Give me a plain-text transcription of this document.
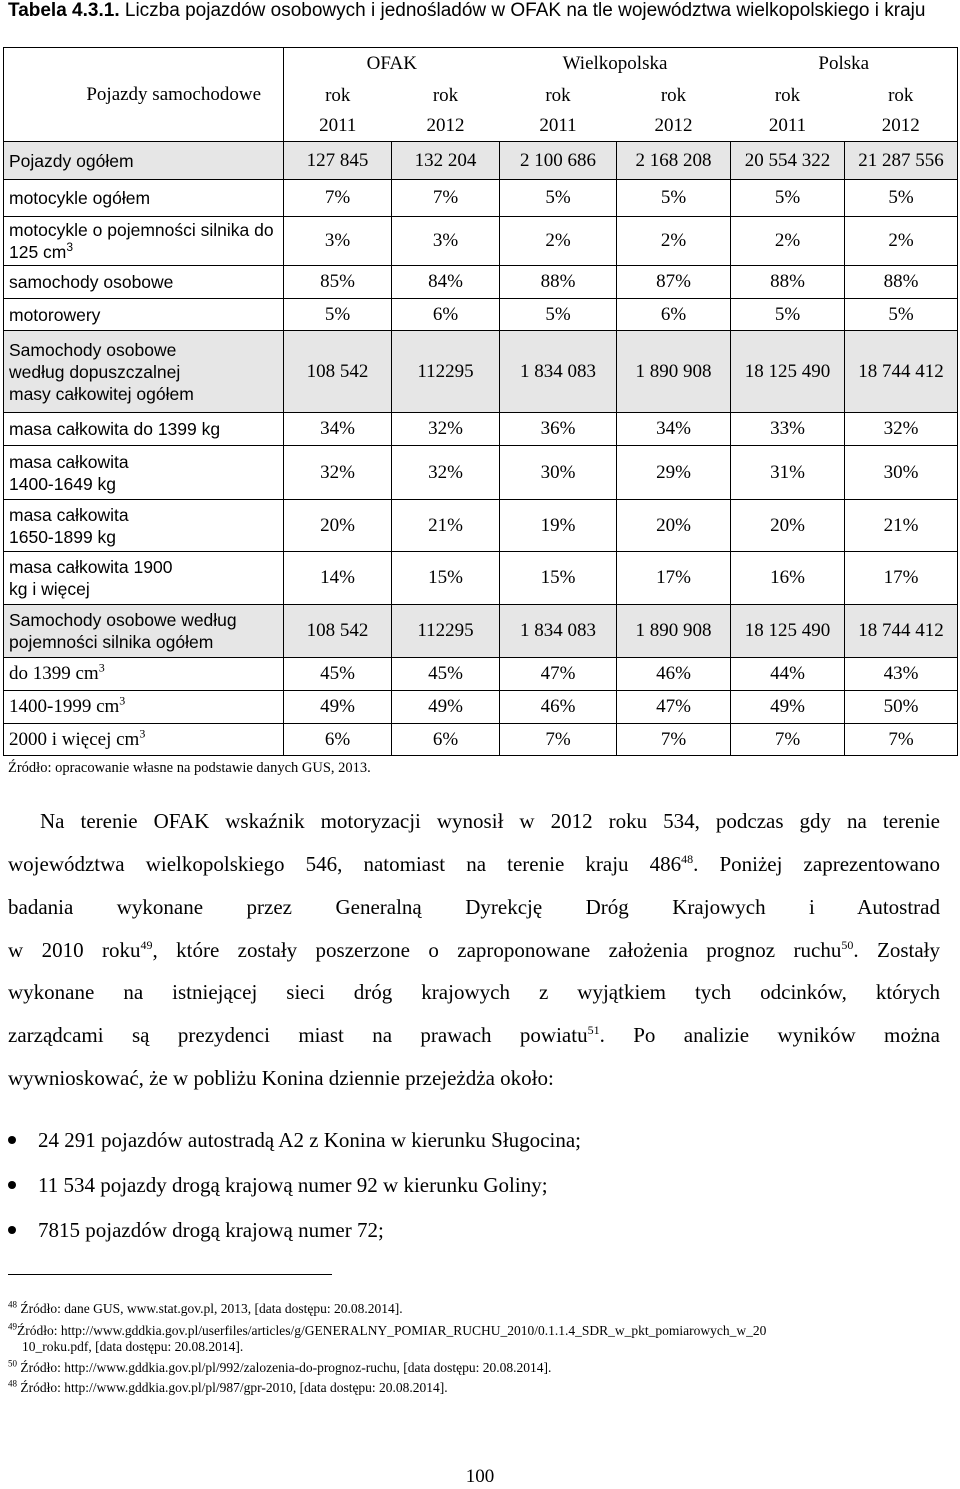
Tabela 4.3.1. Liczba pojazdów osobowych i jednośladów w OFAK na tle województwa wielkopolskiego i kraju
Pojazdy samochodowe	OFAK		Wielkopolska		Polska	
	rok	rok	rok	rok	rok	rok
	2011	2012	2011	2012	2011	2012
Pojazdy ogółem	127 845	132 204	2 100 686	2 168 208	20 554 322	21 287 556
motocykle ogółem	7%	7%	5%	5%	5%	5%
motocykle o pojemności silnika do 125 $cm^3$	3%	3%	2%	2%	2%	2%
samochody osobowe	85%	84%	88%	87%	88%	88%
motorowery	5%	6%	5%	6%	5%	5%
Samochody osobowe według dopuszczalnej masy całkowitej ogółem	108 542	112295	1 834 083	1 890 908	18 125 490	18 744 412
masa całkowita do 1399 kg	34%	32%	36%	34%	33%	32%
masa całkowita 1400-1649 kg	32%	32%	30%	29%	31%	30%
masa całkowita 1650-1899 kg	20%	21%	19%	20%	20%	21%
masa całkowita 1900 kg i więcej	14%	15%	15%	17%	16%	17%
Samochody osobowe według pojemności silnika ogółem	108 542	112295	1 834 083	1 890 908	18 125 490	18 744 412
do 1399 $cm^3$	45%	45%	47%	46%	44%	43%
1400-1999 $cm^3$	49%	49%	46%	47%	49%	50%
2000 i więcej $cm^3$	6%	6%	7%	7%	7%	7%
Źródło: opracowanie własne na podstawie danych GUS, 2013.
Na terenie OFAK wskaźnik motoryzacji wynosił w 2012 roku 534, podczas gdy na terenie
województwa wielkopolskiego 546, natomiast na terenie kraju $486^{48}$. Poniżej zaprezentowano
badania wykonane przez Generalną Dyrekcję Dróg Krajowych i Autostrad
w 2010 roku$^{49}$, które zostały poszerzone o zaproponowane założenia prognoz ruchu$^{50}$. Zostały
wykonane na istniejącej sieci dróg krajowych z wyjątkiem tych odcinków, których
zarządcami są prezydenci miast na prawach powiatu$^{51}$. Po analizie wyników można
wywnioskować, że w pobliżu Konina dziennie przejeżdża około:
24 291 pojazdów autostradą A2 z Konina w kierunku Sługocina;
11 534 pojazdy drogą krajową numer 92 w kierunku Goliny;
7815 pojazdów drogą krajową numer 72;
$^{48}$ Źródło: dane GUS, www.stat.gov.pl, 2013, [data dostępu: 20.08.2014].
$^{49}$Źródło: http://www.gddkia.gov.pl/userfiles/articles/g/GENERALNY_POMIAR_RUCHU_2010/0.1.1.4_SDR_w_pkt_pomiarowych_w_20
10_roku.pdf, [data dostępu: 20.08.2014].
$^{50}$ Źródło: http://www.gddkia.gov.pl/pl/992/zalozenia-do-prognoz-ruchu, [data dostępu: 20.08.2014].
$^{48}$ Źródło: http://www.gddkia.gov.pl/pl/987/gpr-2010, [data dostępu: 20.08.2014].
100
